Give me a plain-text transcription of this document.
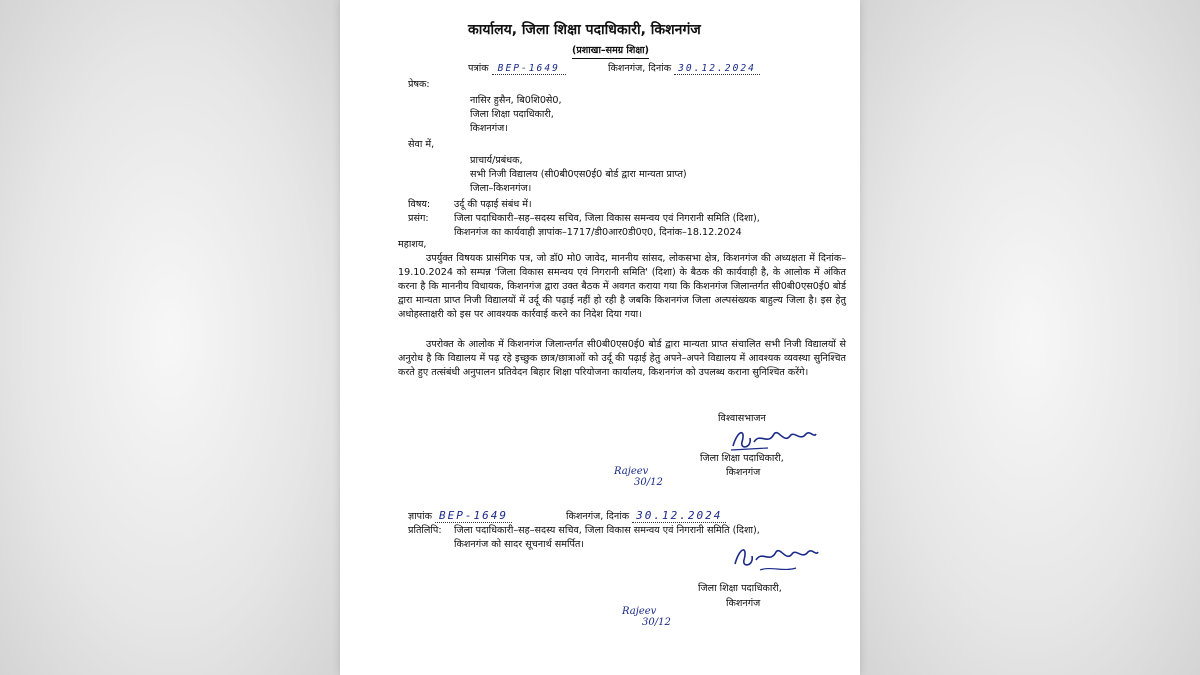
कार्यालय, जिला शिक्षा पदाधिकारी, किशनगंज
(प्रशाखा–समग्र शिक्षा)
पत्रांक BEP-1649	किशनगंज, दिनांक 30.12.2024
प्रेषक:
नासिर हुसैन, बि0शि0से0,
जिला शिक्षा पदाधिकारी,
किशनगंज।
सेवा में,
प्राचार्य/प्रबंधक,
सभी निजी विद्यालय (सी0बी0एस0ई0 बोर्ड द्वारा मान्यता प्राप्त)
जिला–किशनगंज।
विषय: उर्दू की पढ़ाई संबंध में।
प्रसंग:	जिला पदाधिकारी–सह–सदस्य सचिव, जिला विकास समन्वय एवं निगरानी समिति (दिशा),
किशनगंज का कार्यवाही ज्ञापांक–1717/डी0आर0डी0ए0, दिनांक–18.12.2024
महाशय,
उपर्युक्त विषयक प्रासंगिक पत्र, जो डॉ0 मो0 जावेद, माननीय सांसद, लोकसभा क्षेत्र, किशनगंज की अध्यक्षता में दिनांक–19.10.2024 को सम्पन्न 'जिला विकास समन्वय एवं निगरानी समिति' (दिशा) के बैठक की कार्यवाही है, के आलोक में अंकित करना है कि माननीय विधायक, किशनगंज द्वारा उक्त बैठक में अवगत कराया गया कि किशनगंज जिलान्तर्गत सी0बी0एस0ई0 बोर्ड द्वारा मान्यता प्राप्त निजी विद्यालयों में उर्दू की पढ़ाई नहीं हो रही है जबकि किशनगंज जिला अल्पसंख्यक बाहुल्य जिला है। इस हेतु अधोहस्ताक्षरी को इस पर आवश्यक कार्रवाई करने का निदेश दिया गया।
उपरोक्त के आलोक में किशनगंज जिलान्तर्गत सी0बी0एस0ई0 बोर्ड द्वारा मान्यता प्राप्त संचालित सभी निजी विद्यालयों से अनुरोध है कि विद्यालय में पढ़ रहे इच्छुक छात्र/छात्राओं को उर्दू की पढ़ाई हेतु अपने–अपने विद्यालय में आवश्यक व्यवस्था सुनिश्चित करते हुए तत्संबंधी अनुपालन प्रतिवेदन बिहार शिक्षा परियोजना कार्यालय, किशनगंज को उपलब्ध कराना सुनिश्चित करेंगे।
विश्वासभाजन
जिला शिक्षा पदाधिकारी,
किशनगंज
Rajeev
30/12
ज्ञापांक BEP-1649	किशनगंज, दिनांक 30.12.2024
प्रतिलिपि: जिला पदाधिकारी–सह–सदस्य सचिव, जिला विकास समन्वय एवं निगरानी समिति (दिशा),
किशनगंज को सादर सूचनार्थ समर्पित।
जिला शिक्षा पदाधिकारी,
किशनगंज
Rajeev
30/12
